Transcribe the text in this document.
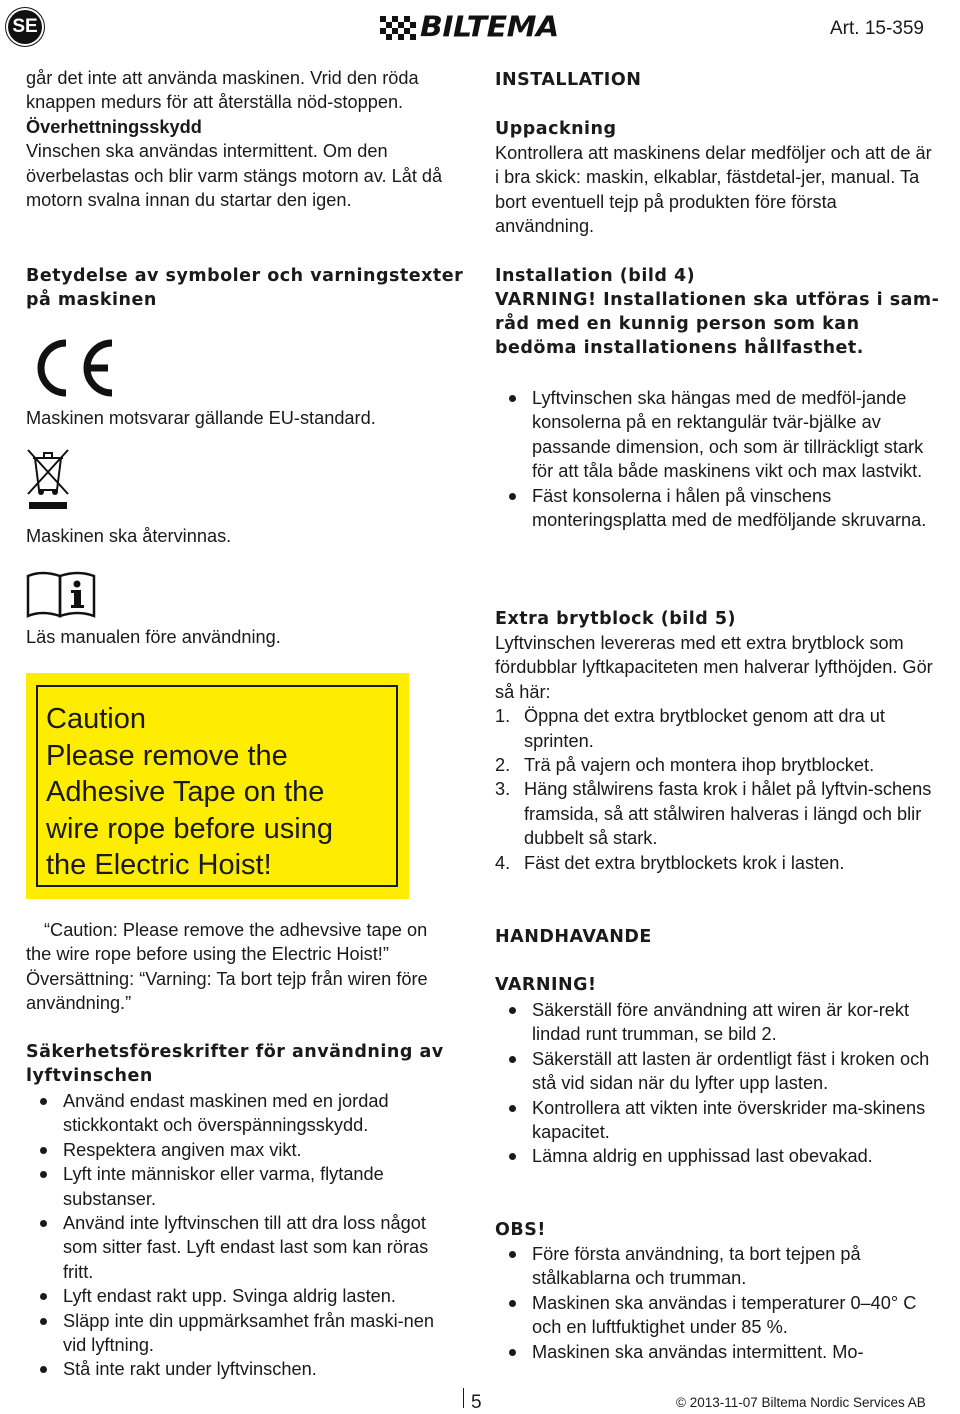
SE	BILTEMA	Art. 15-359

går det inte att använda maskinen. Vrid den röda knappen medurs för att återställa nöd-stoppen.

Överhettningsskydd

Vinschen ska användas intermittent. Om den överbelastas och blir varm stängs motorn av. Låt då motorn svalna innan du startar den igen.

Betydelse av symboler och varningstexter på maskinen

Maskinen motsvarar gällande EU-standard.

Maskinen ska återvinnas.

Läs manualen före användning.

Caution
Please remove the Adhesive Tape on the wire rope before using the Electric Hoist!

“Caution: Please remove the adhevsive tape on the wire rope before using the Electric Hoist!” Översättning: “Varning: Ta bort tejp från wiren före användning.”

Säkerhetsföreskrifter för användning av lyftvinschen
Använd endast maskinen med en jordad stickkontakt och överspänningsskydd.
Respektera angiven max vikt.
Lyft inte människor eller varma, flytande substanser.
Använd inte lyftvinschen till att dra loss något som sitter fast. Lyft endast last som kan röras fritt.
Lyft endast rakt upp. Svinga aldrig lasten.
Släpp inte din uppmärksamhet från maski-nen vid lyftning.
Stå inte rakt under lyftvinschen.
INSTALLATION

Uppackning

Kontrollera att maskinens delar medföljer och att de är i bra skick: maskin, elkablar, fästdetal-jer, manual. Ta bort eventuell tejp på produkten före första användning.

Installation (bild 4)

VARNING! Installationen ska utföras i sam-råd med en kunnig person som kan bedöma installationens hållfasthet.

Lyftvinschen ska hängas med de medföl-jande konsolerna på en rektangulär tvär-bjälke av passande dimension, och som är tillräckligt stark för att tåla både maskinens vikt och max lastvikt.
Fäst konsolerna i hålen på vinschens monteringsplatta med de medföljande skruvarna.

Extra brytblock (bild 5)

Lyftvinschen levereras med ett extra brytblock som fördubblar lyftkapaciteten men halverar lyfthöjden. Gör så här:

1. Öppna det extra brytblocket genom att dra ut sprinten.
2. Trä på vajern och montera ihop brytblocket.
3. Häng stålwirens fasta krok i hålet på lyftvin-schens framsida, så att stålwiren halveras i längd och blir dubbelt så stark.
4. Fäst det extra brytblockets krok i lasten.
HANDHAVANDE
VARNING!
Säkerställ före användning att wiren är kor-rekt lindad runt trumman, se bild 2.
Säkerställ att lasten är ordentligt fäst i kroken och stå vid sidan när du lyfter upp lasten.
Kontrollera att vikten inte överskrider ma-skinens kapacitet.
Lämna aldrig en upphissad last obevakad.
OBS!
Före första användning, ta bort tejpen på stålkablarna och trumman.
Maskinen ska användas i temperaturer 0–40° C och en luftfuktighet under 85 %.
Maskinen ska användas intermittent. Mo-
5	© 2013-11-07 Biltema Nordic Services AB
